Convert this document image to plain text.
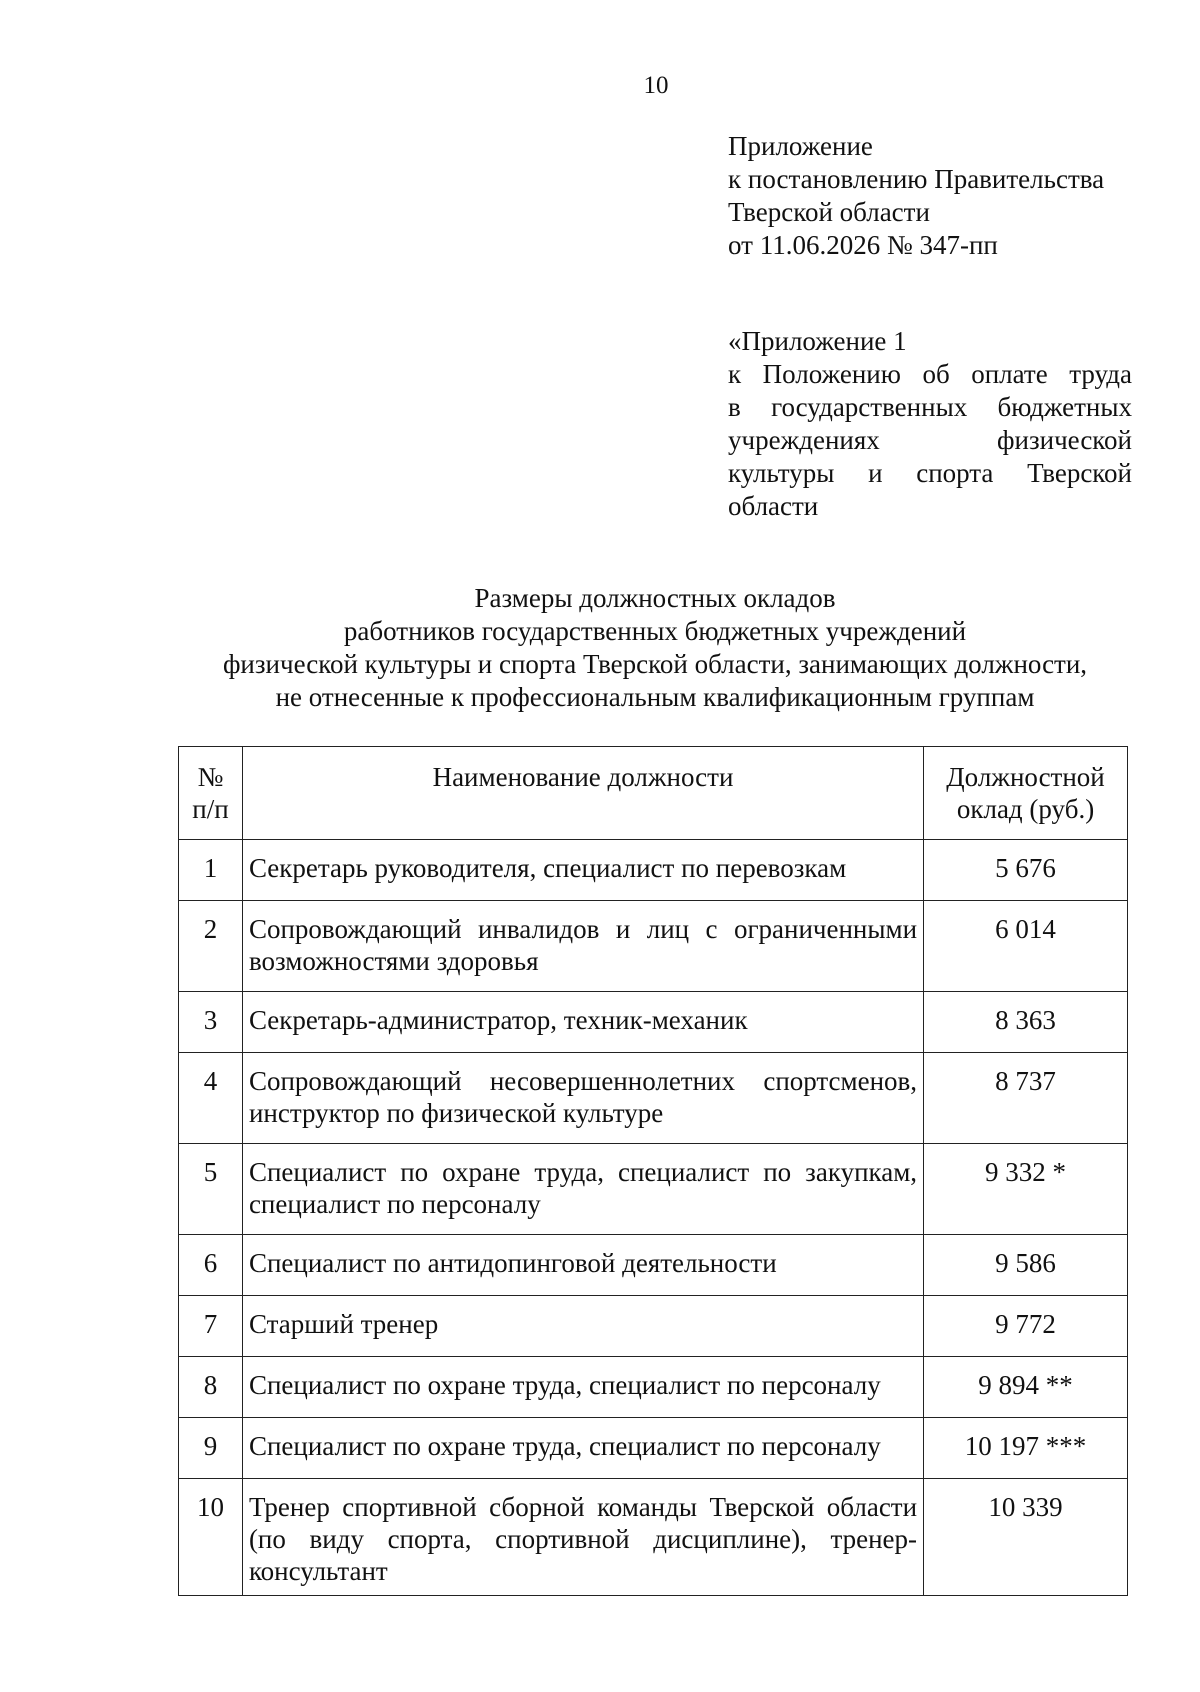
10
Приложение
к постановлению Правительства
Тверской области
от 11.06.2026 № 347-пп
«Приложение 1
к Положению об оплате труда
в государственных бюджетных
учреждениях физической
культуры и спорта Тверской
области
Размеры должностных окладов
работников государственных бюджетных учреждений
физической культуры и спорта Тверской области, занимающих должности,
не отнесенные к профессиональным квалификационным группам
№ п/п	Наименование должности	Должностной оклад (руб.)
1	Секретарь руководителя, специалист по перевозкам	5 676
2	Сопровождающий инвалидов и лиц с ограниченными возможностями здоровья	6 014
3	Секретарь-администратор, техник-механик	8 363
4	Сопровождающий несовершеннолетних спортсменов, инструктор по физической культуре	8 737
5	Специалист по охране труда, специалист по закупкам, специалист по персоналу	9 332 *
6	Специалист по антидопинговой деятельности	9 586
7	Старший тренер	9 772
8	Специалист по охране труда, специалист по персоналу	9 894 **
9	Специалист по охране труда, специалист по персоналу	10 197 ***
10	Тренер спортивной сборной команды Тверской области (по виду спорта, спортивной дисциплине), тренер-консультант	10 339
